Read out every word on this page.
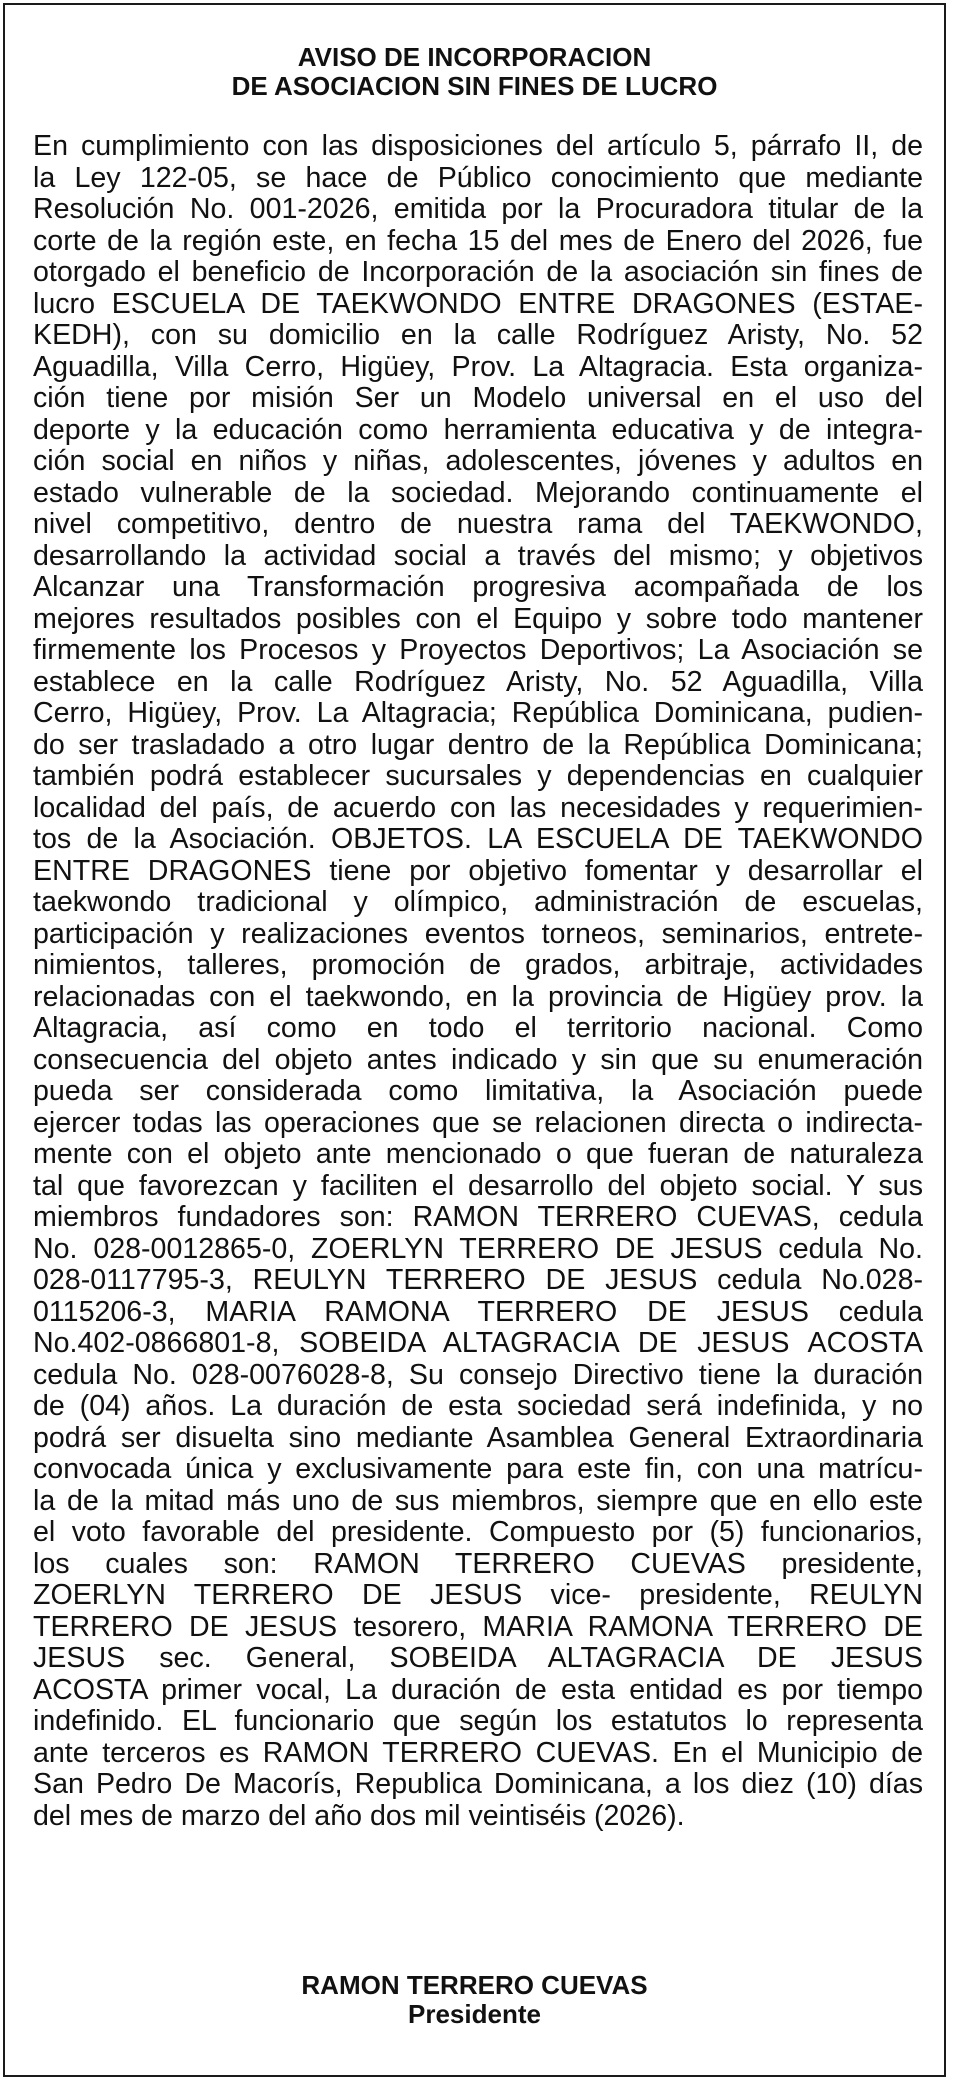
AVISO DE INCORPORACION
DE ASOCIACION SIN FINES DE LUCRO
En cumplimiento con las disposiciones del artículo 5, párrafo II, de
la Ley 122-05, se hace de Público conocimiento que mediante
Resolución No. 001-2026, emitida por la Procuradora titular de la
corte de la región este, en fecha 15 del mes de Enero del 2026, fue
otorgado el beneficio de Incorporación de la asociación sin fines de
lucro ESCUELA DE TAEKWONDO ENTRE DRAGONES (ESTAE-
KEDH), con su domicilio en la calle Rodríguez Aristy, No. 52
Aguadilla, Villa Cerro, Higüey, Prov. La Altagracia. Esta organiza-
ción tiene por misión Ser un Modelo universal en el uso del
deporte y la educación como herramienta educativa y de integra-
ción social en niños y niñas, adolescentes, jóvenes y adultos en
estado vulnerable de la sociedad. Mejorando continuamente el
nivel competitivo, dentro de nuestra rama del TAEKWONDO,
desarrollando la actividad social a través del mismo; y objetivos
Alcanzar una Transformación progresiva acompañada de los
mejores resultados posibles con el Equipo y sobre todo mantener
firmemente los Procesos y Proyectos Deportivos; La Asociación se
establece en la calle Rodríguez Aristy, No. 52 Aguadilla, Villa
Cerro, Higüey, Prov. La Altagracia; República Dominicana, pudien-
do ser trasladado a otro lugar dentro de la República Dominicana;
también podrá establecer sucursales y dependencias en cualquier
localidad del país, de acuerdo con las necesidades y requerimien-
tos de la Asociación. OBJETOS. LA ESCUELA DE TAEKWONDO
ENTRE DRAGONES tiene por objetivo fomentar y desarrollar el
taekwondo tradicional y olímpico, administración de escuelas,
participación y realizaciones eventos torneos, seminarios, entrete-
nimientos, talleres, promoción de grados, arbitraje, actividades
relacionadas con el taekwondo, en la provincia de Higüey prov. la
Altagracia, así como en todo el territorio nacional. Como
consecuencia del objeto antes indicado y sin que su enumeración
pueda ser considerada como limitativa, la Asociación puede
ejercer todas las operaciones que se relacionen directa o indirecta-
mente con el objeto ante mencionado o que fueran de naturaleza
tal que favorezcan y faciliten el desarrollo del objeto social. Y sus
miembros fundadores son: RAMON TERRERO CUEVAS, cedula
No. 028-0012865-0, ZOERLYN TERRERO DE JESUS cedula No.
028-0117795-3, REULYN TERRERO DE JESUS cedula No.028-
0115206-3, MARIA RAMONA TERRERO DE JESUS cedula
No.402-0866801-8, SOBEIDA ALTAGRACIA DE JESUS ACOSTA
cedula No. 028-0076028-8, Su consejo Directivo tiene la duración
de (04) años. La duración de esta sociedad será indefinida, y no
podrá ser disuelta sino mediante Asamblea General Extraordinaria
convocada única y exclusivamente para este fin, con una matrícu-
la de la mitad más uno de sus miembros, siempre que en ello este
el voto favorable del presidente. Compuesto por (5) funcionarios,
los cuales son: RAMON TERRERO CUEVAS presidente,
ZOERLYN TERRERO DE JESUS vice- presidente, REULYN
TERRERO DE JESUS tesorero, MARIA RAMONA TERRERO DE
JESUS sec. General, SOBEIDA ALTAGRACIA DE JESUS
ACOSTA primer vocal, La duración de esta entidad es por tiempo
indefinido. EL funcionario que según los estatutos lo representa
ante terceros es RAMON TERRERO CUEVAS. En el Municipio de
San Pedro De Macorís, Republica Dominicana, a los diez (10) días
del mes de marzo del año dos mil veintiséis (2026).
RAMON TERRERO CUEVAS
Presidente
